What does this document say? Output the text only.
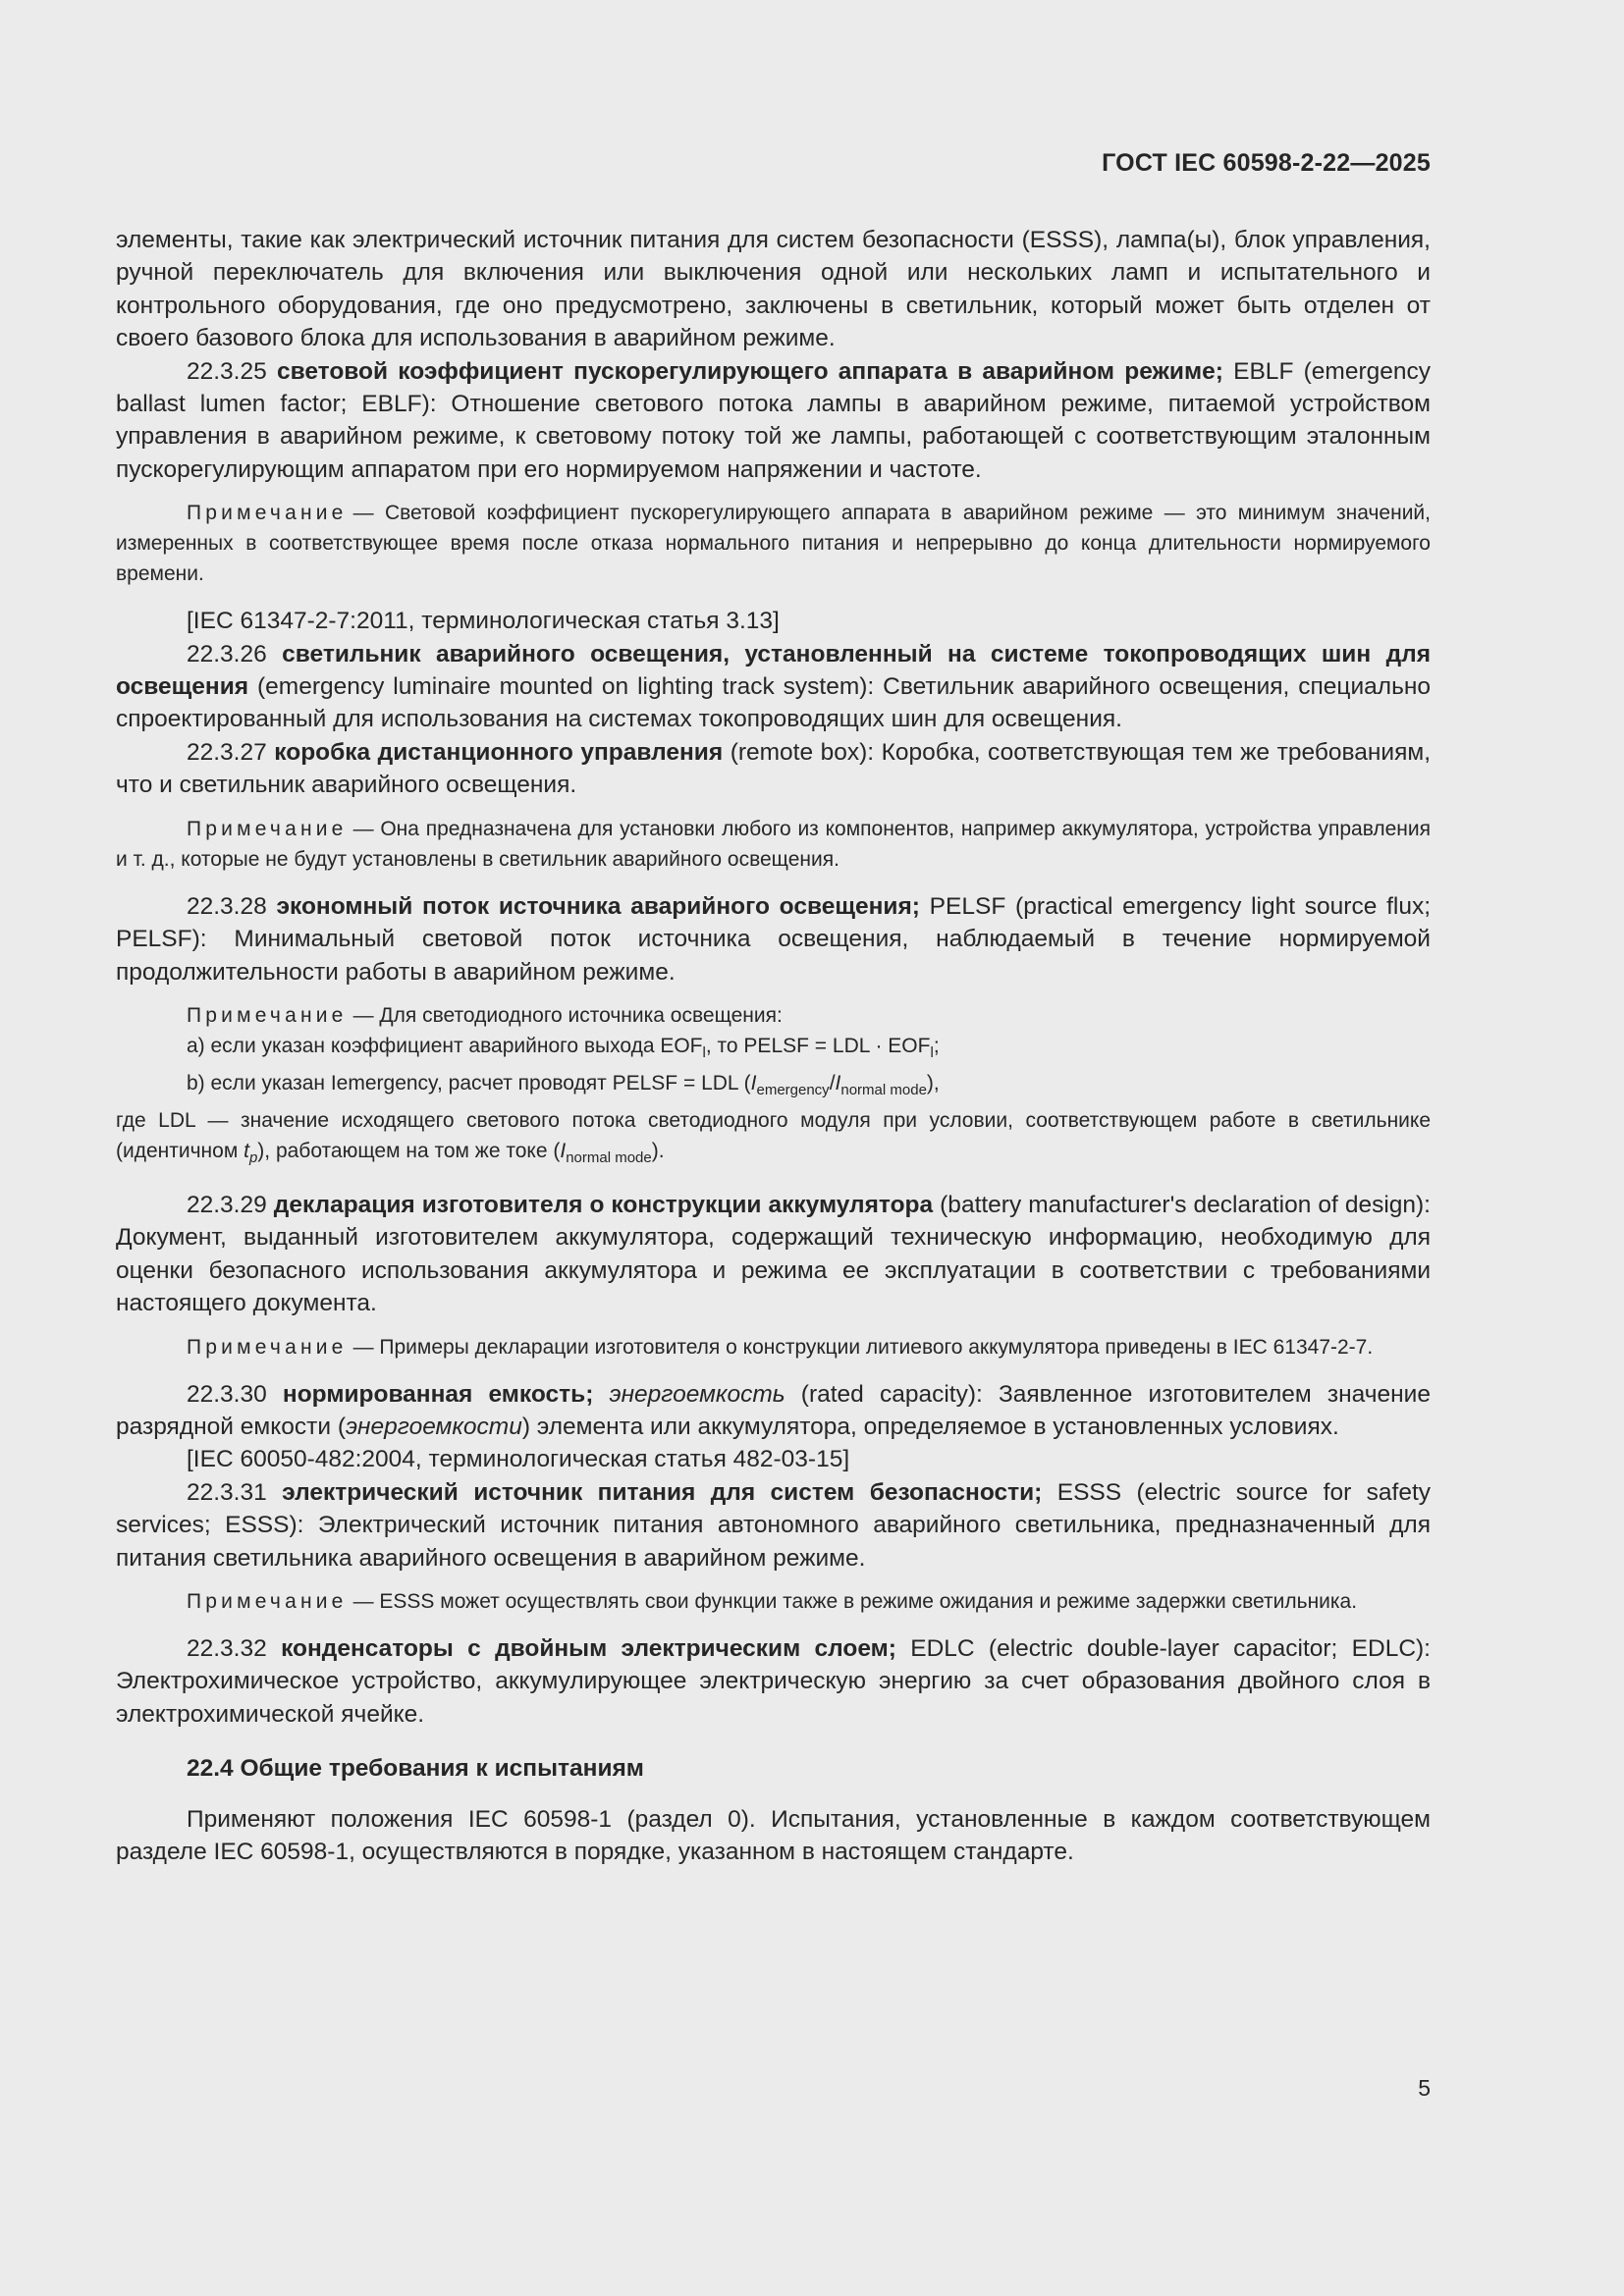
ГОСТ IEC 60598-2-22—2025

элементы, такие как электрический источник питания для систем безопасности (ESSS), лампа(ы), блок управления, ручной переключатель для включения или выключения одной или нескольких ламп и испытательного и контрольного оборудования, где оно предусмотрено, заключены в светильник, который может быть отделен от своего базового блока для использования в аварийном режиме.

22.3.25 световой коэффициент пускорегулирующего аппарата в аварийном режиме; EBLF (emergency ballast lumen factor; EBLF): Отношение светового потока лампы в аварийном режиме, питаемой устройством управления в аварийном режиме, к световому потоку той же лампы, работающей с соответствующим эталонным пускорегулирующим аппаратом при его нормируемом напряжении и частоте.

Примечание — Световой коэффициент пускорегулирующего аппарата в аварийном режиме — это минимум значений, измеренных в соответствующее время после отказа нормального питания и непрерывно до конца длительности нормируемого времени.

[IEC 61347-2-7:2011, терминологическая статья 3.13]

22.3.26 светильник аварийного освещения, установленный на системе токопроводящих шин для освещения (emergency luminaire mounted on lighting track system): Светильник аварийного освещения, специально спроектированный для использования на системах токопроводящих шин для освещения.

22.3.27 коробка дистанционного управления (remote box): Коробка, соответствующая тем же требованиям, что и светильник аварийного освещения.

Примечание — Она предназначена для установки любого из компонентов, например аккумулятора, устройства управления и т. д., которые не будут установлены в светильник аварийного освещения.

22.3.28 экономный поток источника аварийного освещения; PELSF (practical emergency light source flux; PELSF): Минимальный световой поток источника освещения, наблюдаемый в течение нормируемой продолжительности работы в аварийном режиме.

Примечание — Для светодиодного источника освещения:
а) если указан коэффициент аварийного выхода $EOF_l$, то PELSF = LDL · $EOF_l$;
b) если указан Iemergency, расчет проводят PELSF = LDL $(I_{emergency}/I_{normal mode})$,
где LDL — значение исходящего светового потока светодиодного модуля при условии, соответствующем работе в светильнике (идентичном $t_p$), работающем на том же токе $(I_{normal mode})$.

22.3.29 декларация изготовителя о конструкции аккумулятора (battery manufacturer's declaration of design): Документ, выданный изготовителем аккумулятора, содержащий техническую информацию, необходимую для оценки безопасного использования аккумулятора и режима ее эксплуатации в соответствии с требованиями настоящего документа.

Примечание — Примеры декларации изготовителя о конструкции литиевого аккумулятора приведены в IEC 61347-2-7.

22.3.30 нормированная емкость; энергоемкость (rated capacity): Заявленное изготовителем значение разрядной емкости (энергоемкости) элемента или аккумулятора, определяемое в установленных условиях.

[IEC 60050-482:2004, терминологическая статья 482-03-15]

22.3.31 электрический источник питания для систем безопасности; ESSS (electric source for safety services; ESSS): Электрический источник питания автономного аварийного светильника, предназначенный для питания светильника аварийного освещения в аварийном режиме.

Примечание — ESSS может осуществлять свои функции также в режиме ожидания и режиме задержки светильника.

22.3.32 конденсаторы с двойным электрическим слоем; EDLC (electric double-layer capacitor; EDLC): Электрохимическое устройство, аккумулирующее электрическую энергию за счет образования двойного слоя в электрохимической ячейке.

22.4 Общие требования к испытаниям

Применяют положения IEC 60598-1 (раздел 0). Испытания, установленные в каждом соответствующем разделе IEC 60598-1, осуществляются в порядке, указанном в настоящем стандарте.

5
